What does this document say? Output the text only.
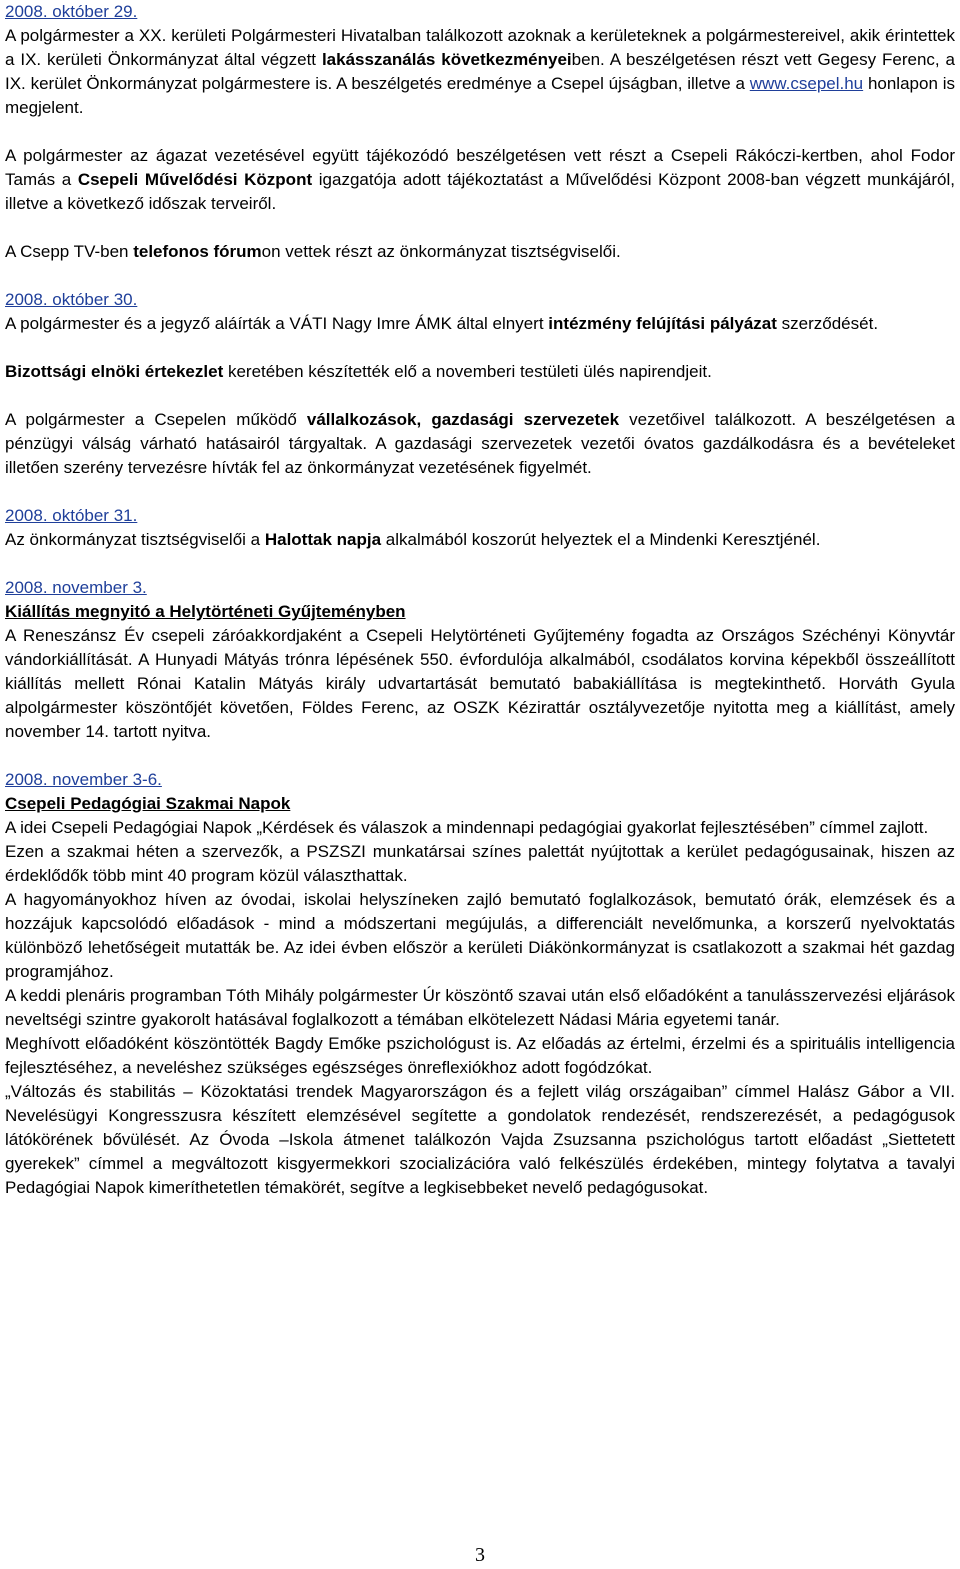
2008. október 29.

A polgármester a XX. kerületi Polgármesteri Hivatalban találkozott azoknak a kerületeknek a polgármestereivel, akik érintettek a IX. kerületi Önkormányzat által végzett lakásszanálás következményeiben. A beszélgetésen részt vett Gegesy Ferenc, a IX. kerület Önkormányzat polgármestere is. A beszélgetés eredménye a Csepel újságban, illetve a www.csepel.hu honlapon is megjelent.

A polgármester az ágazat vezetésével együtt tájékozódó beszélgetésen vett részt a Csepeli Rákóczi-kertben, ahol Fodor Tamás a Csepeli Művelődési Központ igazgatója adott tájékoztatást a Művelődési Központ 2008-ban végzett munkájáról, illetve a következő időszak terveiről.

A Csepp TV-ben telefonos fórumon vettek részt az önkormányzat tisztségviselői.

2008. október 30.

A polgármester és a jegyző aláírták a VÁTI Nagy Imre ÁMK által elnyert intézmény felújítási pályázat szerződését.

Bizottsági elnöki értekezlet keretében készítették elő a novemberi testületi ülés napirendjeit.

A polgármester a Csepelen működő vállalkozások, gazdasági szervezetek vezetőivel találkozott. A beszélgetésen a pénzügyi válság várható hatásairól tárgyaltak. A gazdasági szervezetek vezetői óvatos gazdálkodásra és a bevételeket illetően szerény tervezésre hívták fel az önkormányzat vezetésének figyelmét.

2008. október 31.

Az önkormányzat tisztségviselői a Halottak napja alkalmából koszorút helyeztek el a Mindenki Keresztjénél.

2008. november 3.
Kiállítás megnyitó a Helytörténeti Gyűjteményben

A Reneszánsz Év csepeli záróakkordjaként a Csepeli Helytörténeti Gyűjtemény fogadta az Országos Széchényi Könyvtár vándorkiállítását. A Hunyadi Mátyás trónra lépésének 550. évfordulója alkalmából, csodálatos korvina képekből összeállított kiállítás mellett Rónai Katalin Mátyás király udvartartását bemutató babakiállítása is megtekinthető. Horváth Gyula alpolgármester köszöntőjét követően, Földes Ferenc, az OSZK Kézirattár osztályvezetője nyitotta meg a kiállítást, amely november 14. tartott nyitva.

2008. november 3-6.
Csepeli Pedagógiai Szakmai Napok

A idei Csepeli Pedagógiai Napok „Kérdések és válaszok a mindennapi pedagógiai gyakorlat fejlesztésében” címmel zajlott.

Ezen a szakmai héten a szervezők, a PSZSZI munkatársai színes palettát nyújtottak a kerület pedagógusainak, hiszen az érdeklődők több mint 40 program közül választhattak.

A hagyományokhoz híven az óvodai, iskolai helyszíneken zajló bemutató foglalkozások, bemutató órák, elemzések és a hozzájuk kapcsolódó előadások - mind a módszertani megújulás, a differenciált nevelőmunka, a korszerű nyelvoktatás különböző lehetőségeit mutatták be. Az idei évben először a kerületi Diákönkormányzat is csatlakozott a szakmai hét gazdag programjához.

A keddi plenáris programban Tóth Mihály polgármester Úr köszöntő szavai után első előadóként a tanulásszervezési eljárások neveltségi szintre gyakorolt hatásával foglalkozott a témában elkötelezett Nádasi Mária egyetemi tanár.

Meghívott előadóként köszöntötték Bagdy Emőke pszichológust is. Az előadás az értelmi, érzelmi és a spirituális intelligencia fejlesztéséhez, a neveléshez szükséges egészséges önreflexiókhoz adott fogódzókat.

„Változás és stabilitás – Közoktatási trendek Magyarországon és a fejlett világ országaiban” címmel Halász Gábor a VII. Nevelésügyi Kongresszusra készített elemzésével segítette a gondolatok rendezését, rendszerezését, a pedagógusok látókörének bővülését. Az Óvoda –Iskola átmenet találkozón Vajda Zsuzsanna pszichológus tartott előadást „Siettetett gyerekek” címmel a megváltozott kisgyermekkori szocializációra való felkészülés érdekében, mintegy folytatva a tavalyi Pedagógiai Napok kimeríthetetlen témakörét, segítve a legkisebbeket nevelő pedagógusokat.

3
